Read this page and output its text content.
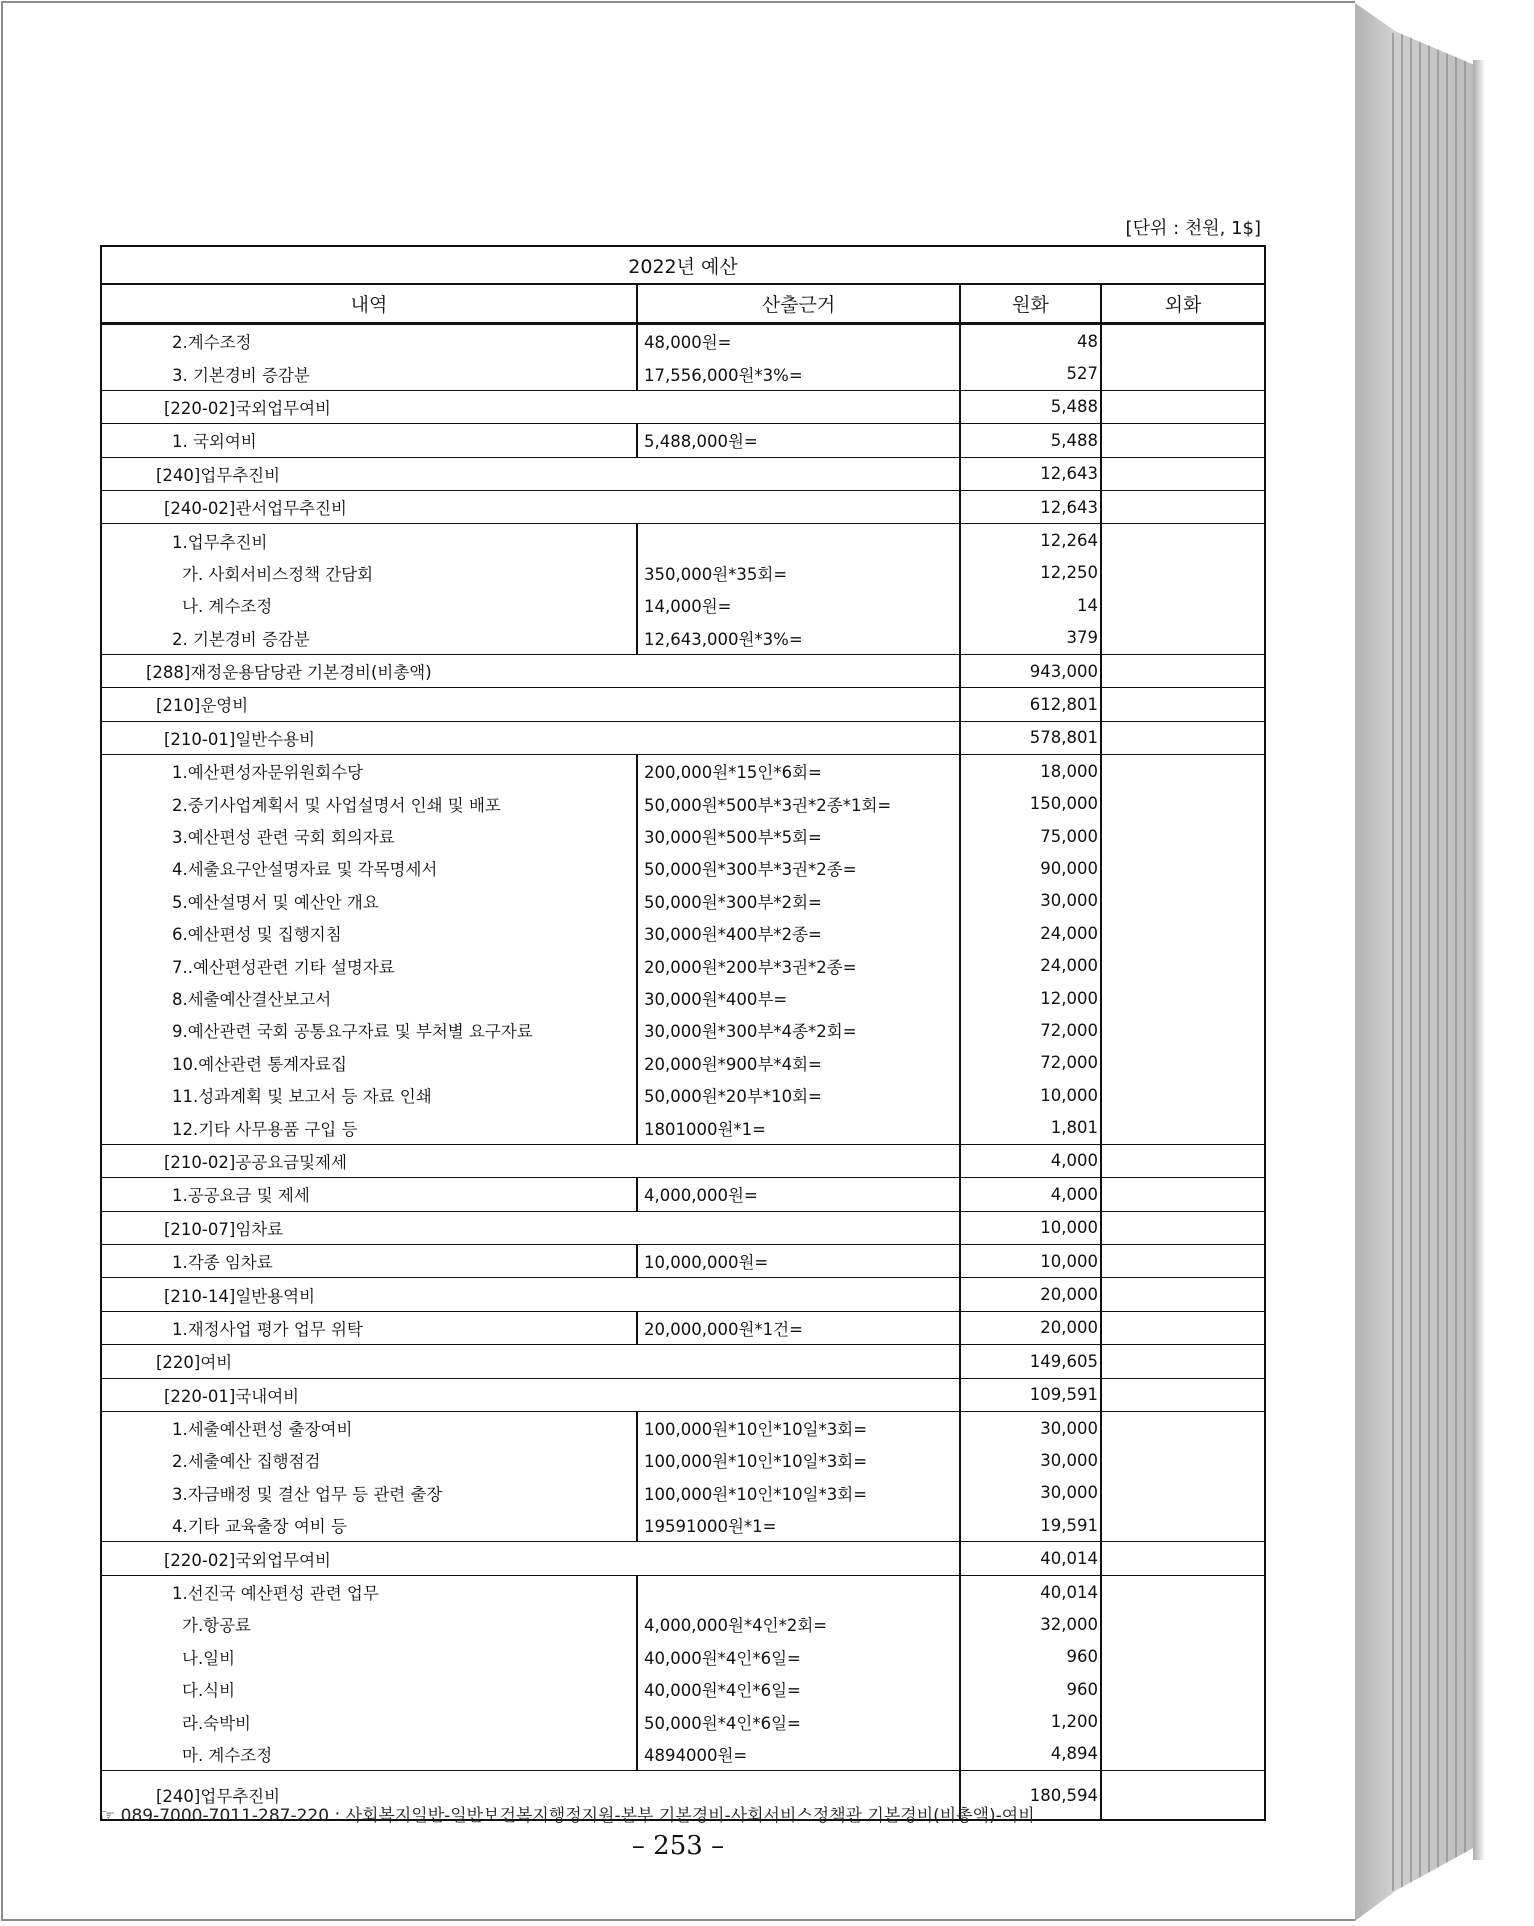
[단위 : 천원, 1$]
2022년 예산			
내역	산출근거	원화	외화
2.계수조정	48,000원=	48	
3. 기본경비 증감분	17,556,000원*3%=	527	
[220-02]국외업무여비		5,488	
1. 국외여비	5,488,000원=	5,488	
[240]업무추진비		12,643	
[240-02]관서업무추진비		12,643	
1.업무추진비		12,264	
가. 사회서비스정책 간담회	350,000원*35회=	12,250	
나. 계수조정	14,000원=	14	
2. 기본경비 증감분	12,643,000원*3%=	379	
[288]재정운용담당관 기본경비(비총액)		943,000	
[210]운영비		612,801	
[210-01]일반수용비		578,801	
1.예산편성자문위원회수당	200,000원*15인*6회=	18,000	
2.중기사업계획서 및 사업설명서 인쇄 및 배포	50,000원*500부*3권*2종*1회=	150,000	
3.예산편성 관련 국회 회의자료	30,000원*500부*5회=	75,000	
4.세출요구안설명자료 및 각목명세서	50,000원*300부*3권*2종=	90,000	
5.예산설명서 및 예산안 개요	50,000원*300부*2회=	30,000	
6.예산편성 및 집행지침	30,000원*400부*2종=	24,000	
7..예산편성관련 기타 설명자료	20,000원*200부*3권*2종=	24,000	
8.세출예산결산보고서	30,000원*400부=	12,000	
9.예산관련 국회 공통요구자료 및 부처별 요구자료	30,000원*300부*4종*2회=	72,000	
10.예산관련 통계자료집	20,000원*900부*4회=	72,000	
11.성과계획 및 보고서 등 자료 인쇄	50,000원*20부*10회=	10,000	
12.기타 사무용품 구입 등	1801000원*1=	1,801	
[210-02]공공요금및제세		4,000	
1.공공요금 및 제세	4,000,000원=	4,000	
[210-07]임차료		10,000	
1.각종 임차료	10,000,000원=	10,000	
[210-14]일반용역비		20,000	
1.재정사업 평가 업무 위탁	20,000,000원*1건=	20,000	
[220]여비		149,605	
[220-01]국내여비		109,591	
1.세출예산편성 출장여비	100,000원*10인*10일*3회=	30,000	
2.세출예산 집행점검	100,000원*10인*10일*3회=	30,000	
3.자금배정 및 결산 업무 등 관련 출장	100,000원*10인*10일*3회=	30,000	
4.기타 교육출장 여비 등	19591000원*1=	19,591	
[220-02]국외업무여비		40,014	
1.선진국 예산편성 관련 업무		40,014	
가.항공료	4,000,000원*4인*2회=	32,000	
나.일비	40,000원*4인*6일=	960	
다.식비	40,000원*4인*6일=	960	
라.숙박비	50,000원*4인*6일=	1,200	
마. 계수조정	4894000원=	4,894	
[240]업무추진비		180,594	
☞ 089-7000-7011-287-220 : 사회복지일반-일반보건복지행정지원-본부 기본경비-사회서비스정책관 기본경비(비총액)-여비
– 253 –
